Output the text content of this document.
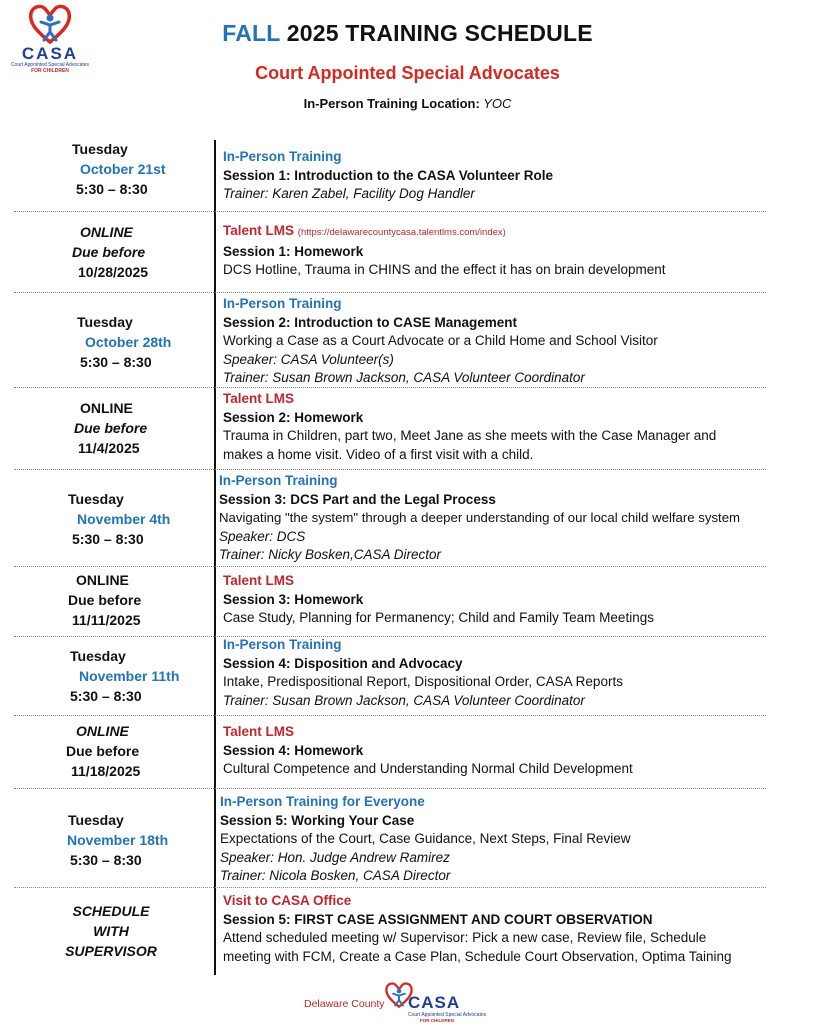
CASA
Court Appointed Special Advocates
FOR CHILDREN
FALL 2025 TRAINING SCHEDULE
Court Appointed Special Advocates
In-Person Training Location: YOC
Tuesday
October 21st
5:30 – 8:30
In-Person Training
Session 1: Introduction to the CASA Volunteer Role
Trainer: Karen Zabel, Facility Dog Handler
ONLINE
Due before
10/28/2025
Talent LMS (https://delawarecountycasa.talentlms.com/index)
Session 1: Homework
DCS Hotline, Trauma in CHINS and the effect it has on brain development
Tuesday
October 28th
5:30 – 8:30
In-Person Training
Session 2: Introduction to CASE Management
Working a Case as a Court Advocate or a Child Home and School Visitor
Speaker: CASA Volunteer(s)
Trainer: Susan Brown Jackson, CASA Volunteer Coordinator
ONLINE
Due before
11/4/2025
Talent LMS
Session 2: Homework
Trauma in Children, part two, Meet Jane as she meets with the Case Manager and
makes a home visit. Video of a first visit with a child.
Tuesday
November 4th
5:30 – 8:30
In-Person Training
Session 3: DCS Part and the Legal Process
Navigating "the system" through a deeper understanding of our local child welfare system
Speaker: DCS
Trainer: Nicky Bosken,CASA Director
ONLINE
Due before
11/11/2025
Talent LMS
Session 3: Homework
Case Study, Planning for Permanency; Child and Family Team Meetings
Tuesday
November 11th
5:30 – 8:30
In-Person Training
Session 4: Disposition and Advocacy
Intake, Predispositional Report, Dispositional Order, CASA Reports
Trainer: Susan Brown Jackson, CASA Volunteer Coordinator
ONLINE
Due before
11/18/2025
Talent LMS
Session 4: Homework
Cultural Competence and Understanding Normal Child Development
Tuesday
November 18th
5:30 – 8:30
In-Person Training for Everyone
Session 5: Working Your Case
Expectations of the Court, Case Guidance, Next Steps, Final Review
Speaker: Hon. Judge Andrew Ramirez
Trainer: Nicola Bosken, CASA Director
SCHEDULE
WITH
SUPERVISOR
Visit to CASA Office
Session 5: FIRST CASE ASSIGNMENT AND COURT OBSERVATION
Attend scheduled meeting w/ Supervisor: Pick a new case, Review file, Schedule
meeting with FCM, Create a Case Plan, Schedule Court Observation, Optima Taining
Delaware County CASA
Court Appointed Special Advocates
FOR CHILDREN
